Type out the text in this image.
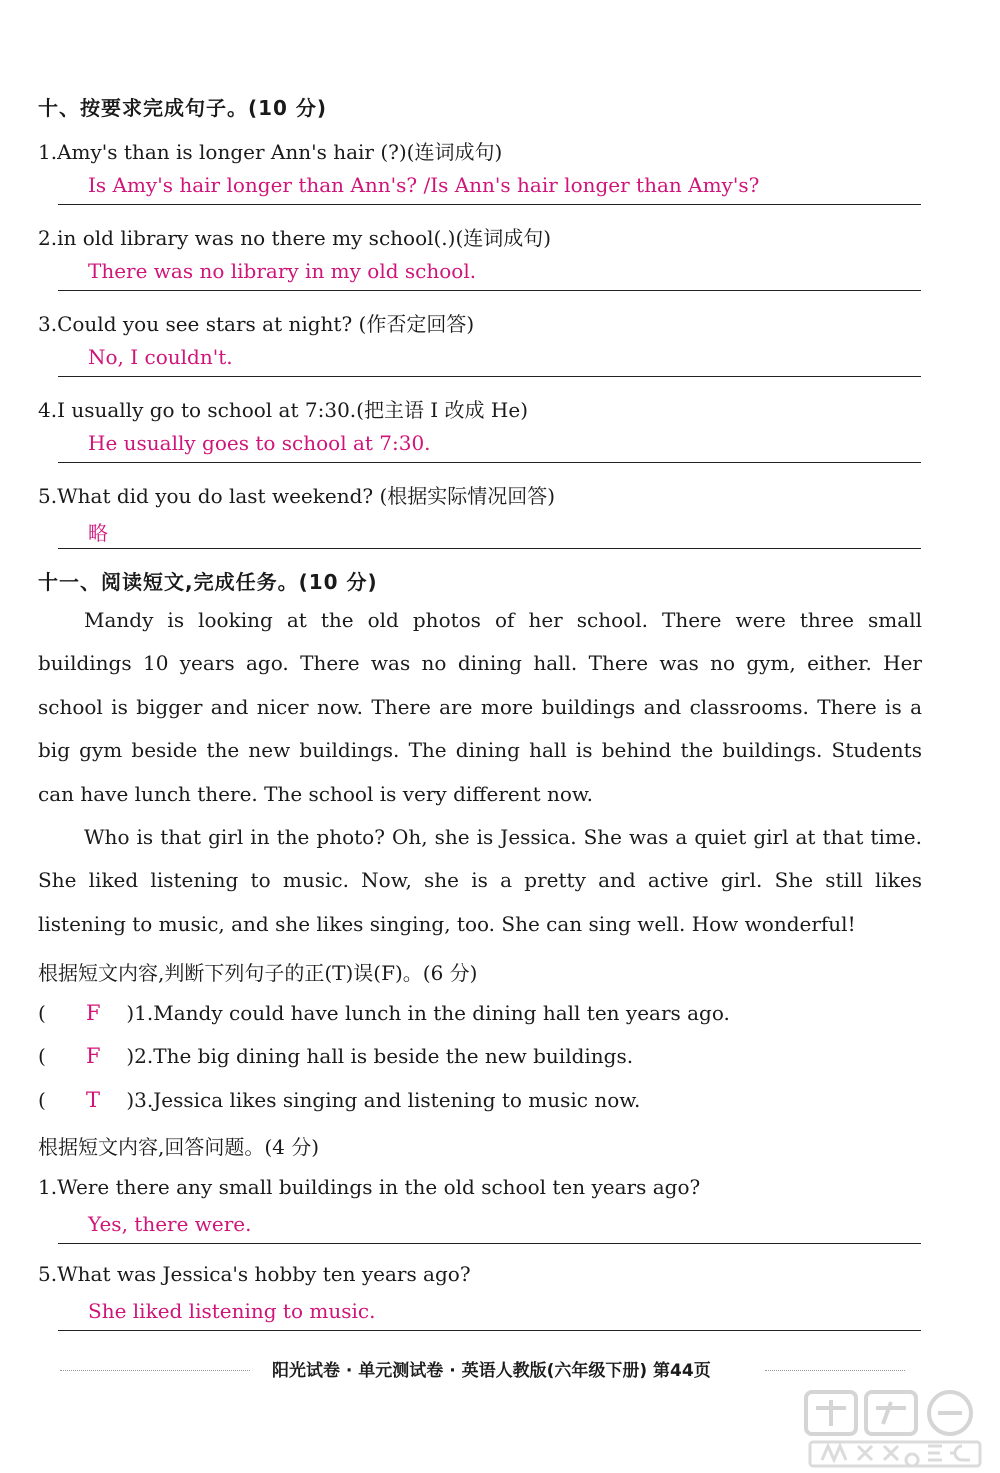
十、按要求完成句子。(10 分)
1.Amy's than is longer Ann's hair (?)(连词成句)
Is Amy's hair longer than Ann's? /Is Ann's hair longer than Amy's?
2.in old library was no there my school(.)(连词成句)
There was no library in my old school.
3.Could you see stars at night? (作否定回答)
No, I couldn't.
4.I usually go to school at 7:30.(把主语 I 改成 He)
He usually goes to school at 7:30.
5.What did you do last weekend? (根据实际情况回答)
略
十一、阅读短文,完成任务。(10 分)

Mandy is looking at the old photos of her school. There were three small buildings 10 years ago. There was no dining hall. There was no gym, either. Her school is bigger and nicer now. There are more buildings and classrooms. There is a big gym beside the new buildings. The dining hall is behind the buildings. Students can have lunch there. The school is very different now.

Who is that girl in the photo? Oh, she is Jessica. She was a quiet girl at that time. She liked listening to music. Now, she is a pretty and active girl. She still likes listening to music, and she likes singing, too. She can sing well. How wonderful!

根据短文内容,判断下列句子的正(T)误(F)。(6 分)
( F )1.Mandy could have lunch in the dining hall ten years ago.
( F )2.The big dining hall is beside the new buildings.
( T )3.Jessica likes singing and listening to music now.
根据短文内容,回答问题。(4 分)
1.Were there any small buildings in the old school ten years ago?
Yes, there were.
5.What was Jessica's hobby ten years ago?
She liked listening to music.
阳光试卷 · 单元测试卷 · 英语人教版(六年级下册) 第44页
